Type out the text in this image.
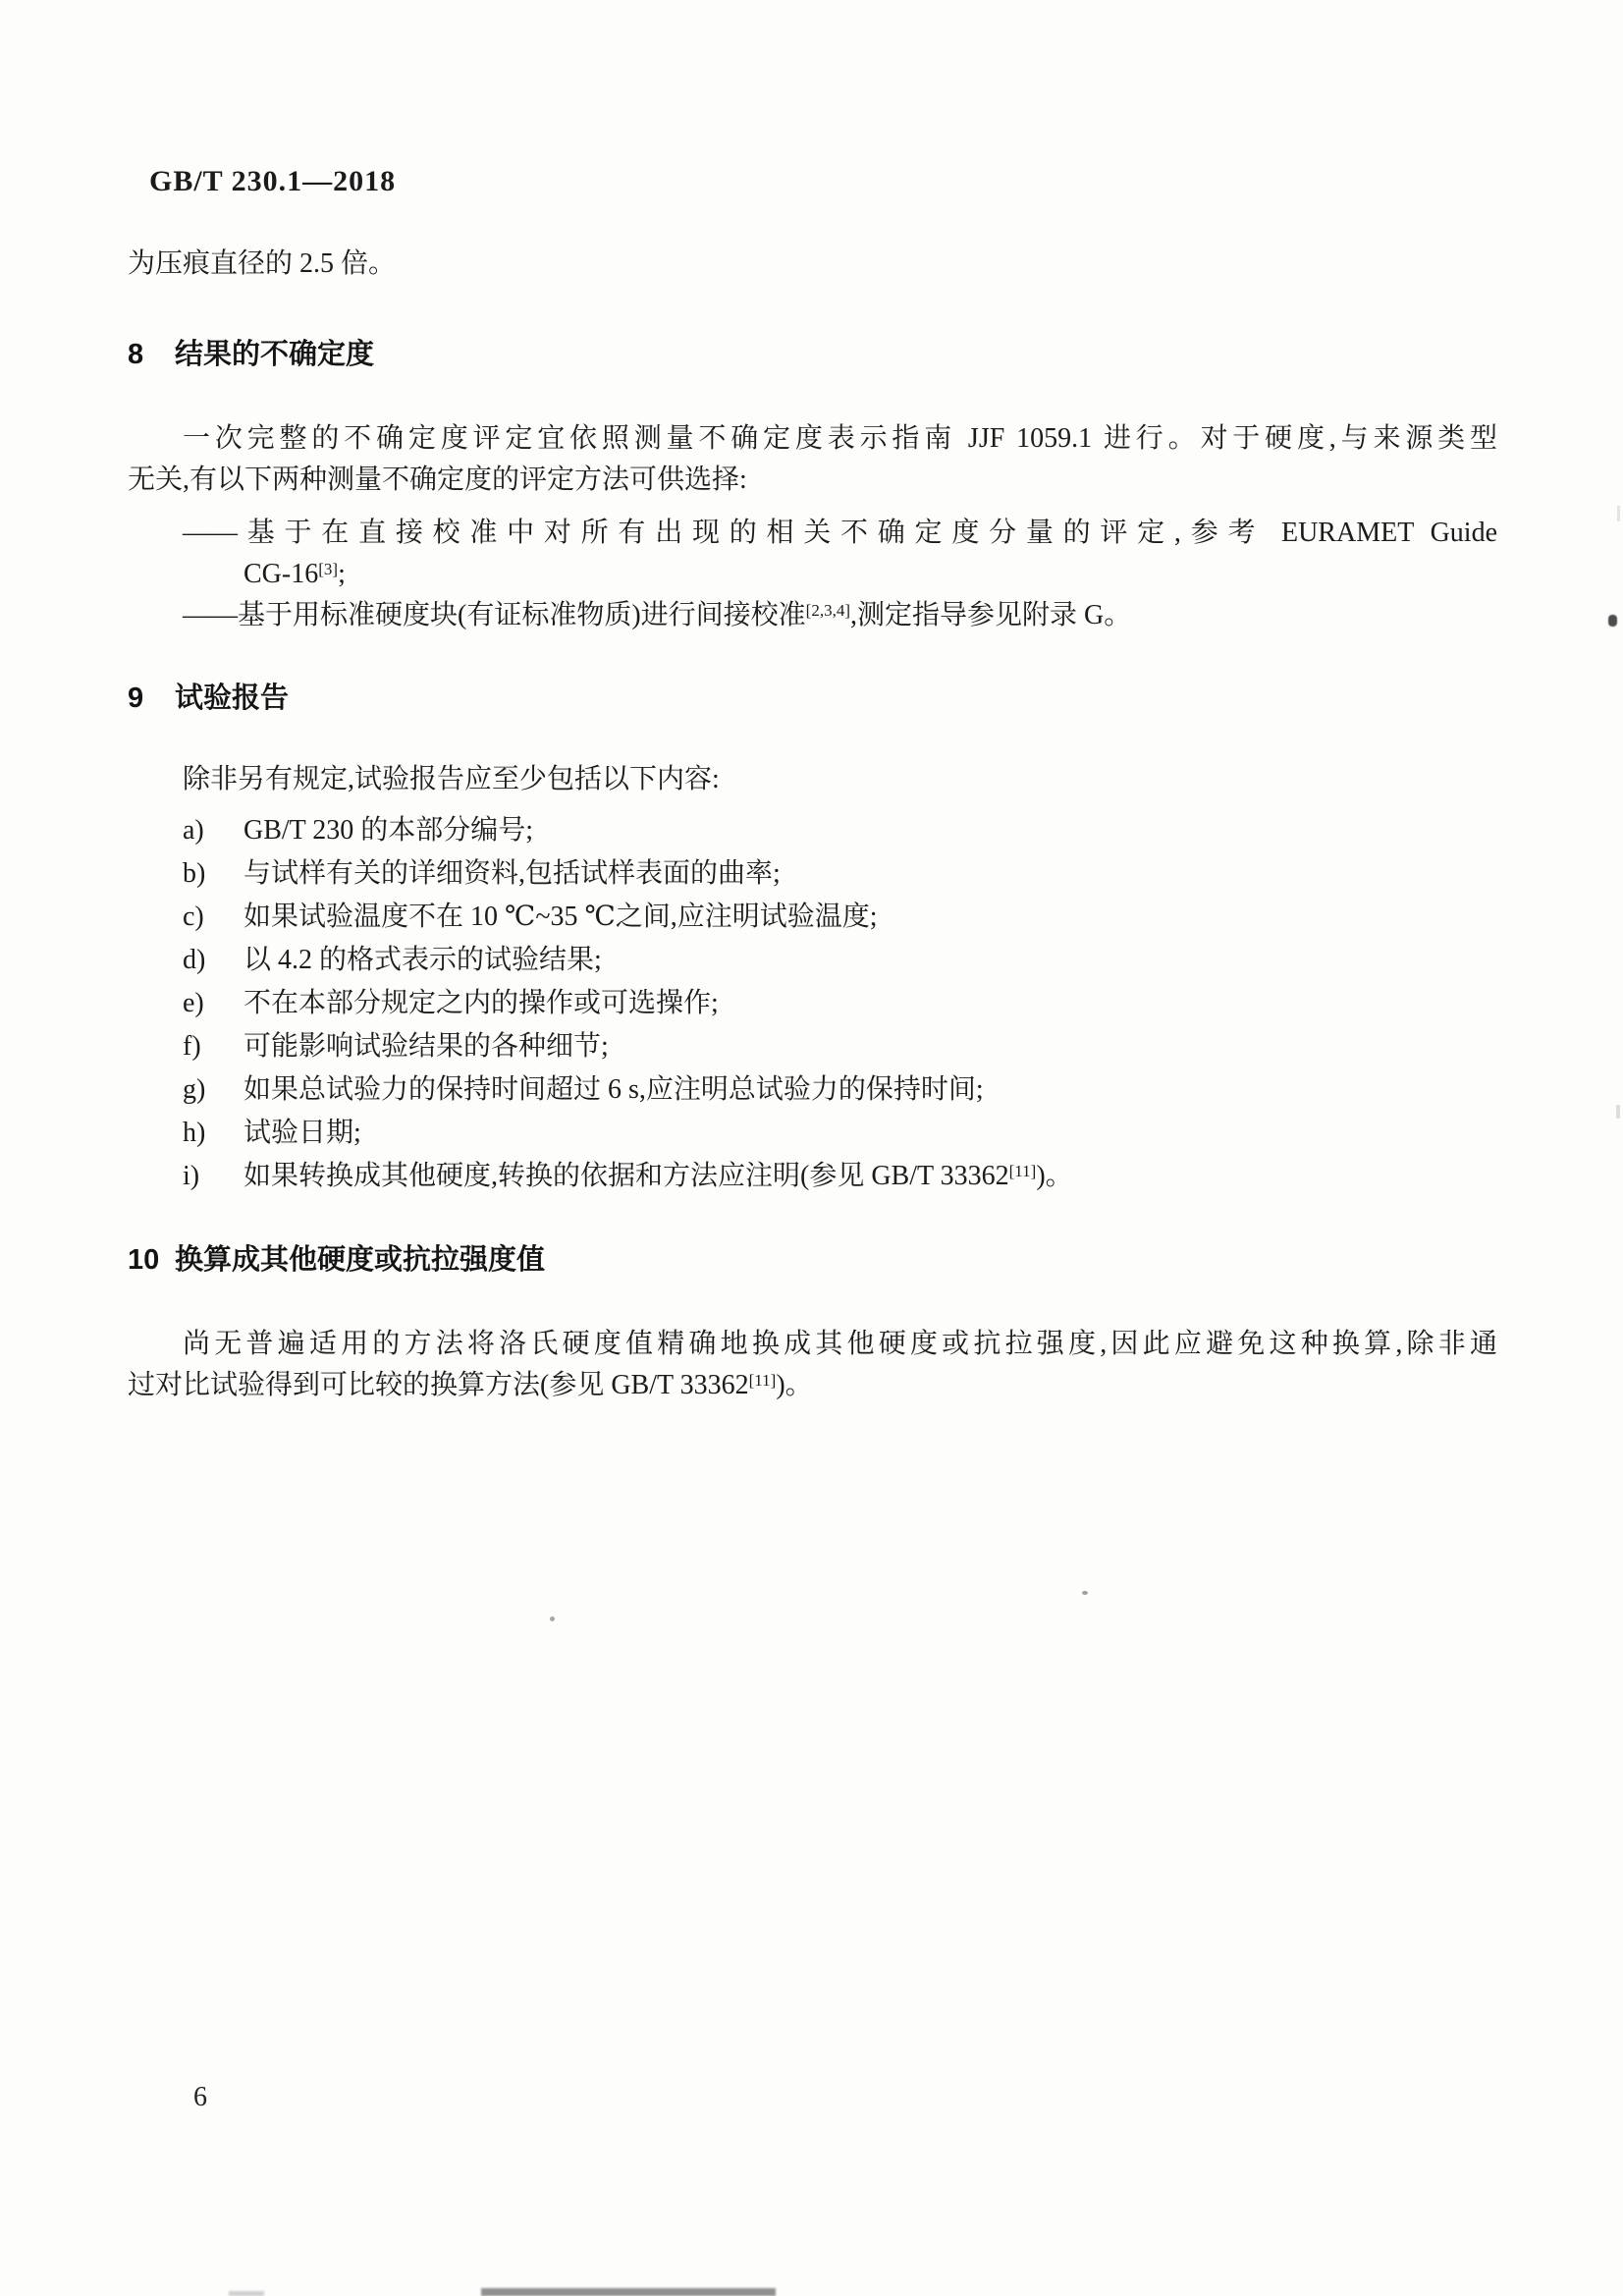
GB/T 230.1—2018
为压痕直径的 2.5 倍。
8 结果的不确定度
一次完整的不确定度评定宜依照测量不确定度表示指南 JJF 1059.1 进行。对于硬度,与来源类型
无关,有以下两种测量不确定度的评定方法可供选择:
——基于在直接校准中对所有出现的相关不确定度分量的评定,参考 EURAMET Guide
CG-16[3];
——基于用标准硬度块(有证标准物质)进行间接校准[2,3,4],测定指导参见附录 G。
9 试验报告
除非另有规定,试验报告应至少包括以下内容:
a) GB/T 230 的本部分编号;
b) 与试样有关的详细资料,包括试样表面的曲率;
c) 如果试验温度不在 10 ℃~35 ℃之间,应注明试验温度;
d) 以 4.2 的格式表示的试验结果;
e) 不在本部分规定之内的操作或可选操作;
f) 可能影响试验结果的各种细节;
g) 如果总试验力的保持时间超过 6 s,应注明总试验力的保持时间;
h) 试验日期;
i) 如果转换成其他硬度,转换的依据和方法应注明(参见 GB/T 33362[11])。
10 换算成其他硬度或抗拉强度值
尚无普遍适用的方法将洛氏硬度值精确地换成其他硬度或抗拉强度,因此应避免这种换算,除非通
过对比试验得到可比较的换算方法(参见 GB/T 33362[11])。
6
